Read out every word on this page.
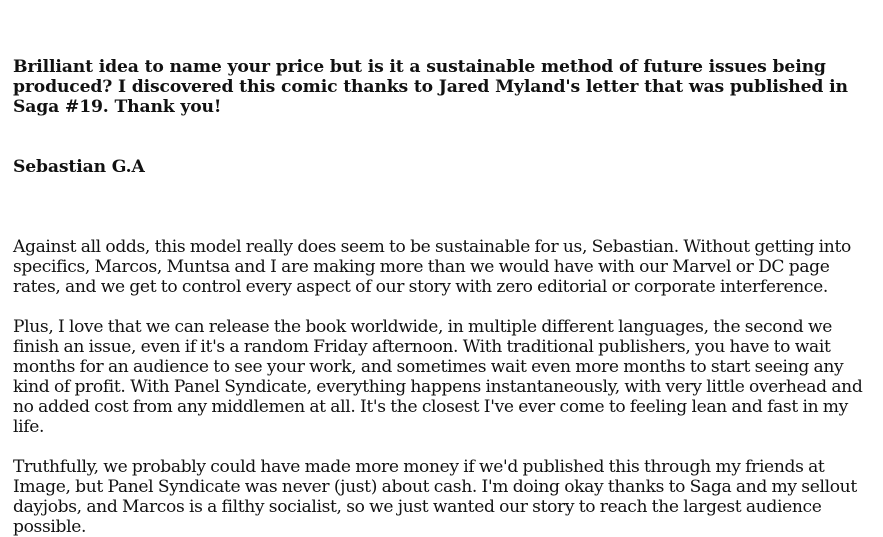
Brilliant idea to name your price but is it a sustainable method of future issues being produced? I discovered this comic thanks to Jared Myland's letter that was published in Saga #19. Thank you!

Sebastian G.A

Against all odds, this model really does seem to be sustainable for us, Sebastian. Without getting into specifics, Marcos, Muntsa and I are making more than we would have with our Marvel or DC page rates, and we get to control every aspect of our story with zero editorial or corporate interference.

Plus, I love that we can release the book worldwide, in multiple different languages, the second we finish an issue, even if it's a random Friday afternoon. With traditional publishers, you have to wait months for an audience to see your work, and sometimes wait even more months to start seeing any kind of profit. With Panel Syndicate, everything happens instantaneously, with very little overhead and no added cost from any middlemen at all. It's the closest I've ever come to feeling lean and fast in my life.

Truthfully, we probably could have made more money if we'd published this through my friends at Image, but Panel Syndicate was never (just) about cash. I'm doing okay thanks to Saga and my sellout dayjobs, and Marcos is a filthy socialist, so we just wanted our story to reach the largest audience possible.
